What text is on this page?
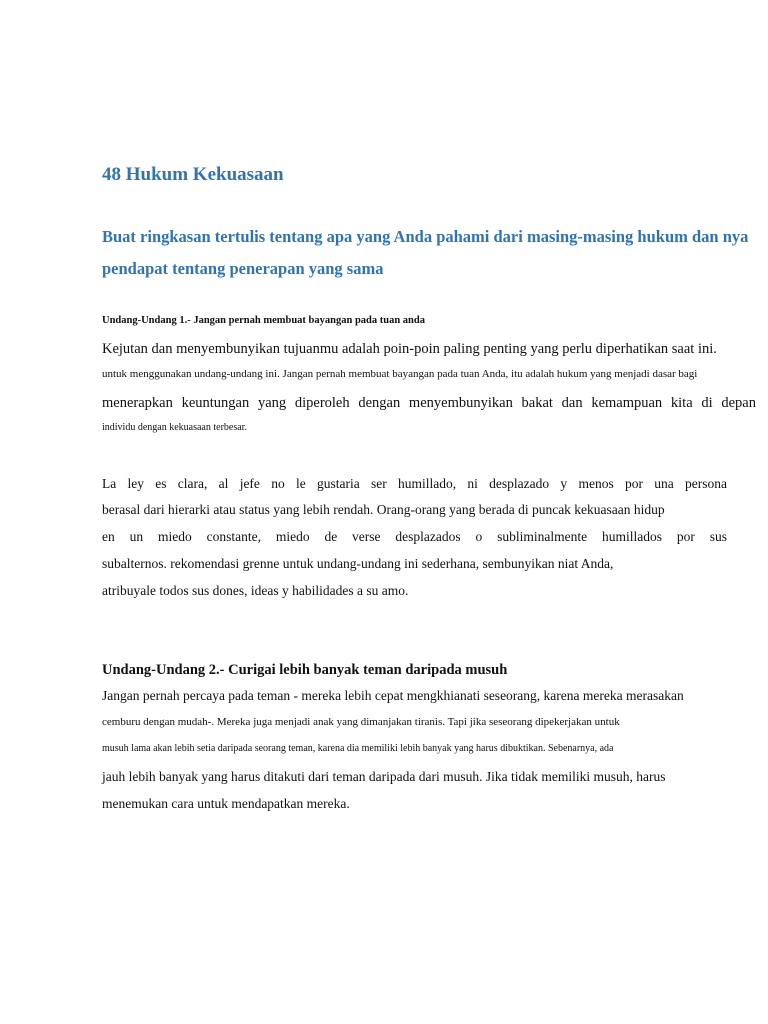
48 Hukum Kekuasaan
Buat ringkasan tertulis tentang apa yang Anda pahami dari masing-masing hukum dan nya
pendapat tentang penerapan yang sama
Undang-Undang 1.- Jangan pernah membuat bayangan pada tuan anda
Kejutan dan menyembunyikan tujuanmu adalah poin-poin paling penting yang perlu diperhatikan saat ini.
untuk menggunakan undang-undang ini. Jangan pernah membuat bayangan pada tuan Anda, itu adalah hukum yang menjadi dasar bagi
menerapkan keuntungan yang diperoleh dengan menyembunyikan bakat dan kemampuan kita di depan
individu dengan kekuasaan terbesar.
La ley es clara, al jefe no le gustaria ser humillado, ni desplazado y menos por una persona
berasal dari hierarki atau status yang lebih rendah. Orang-orang yang berada di puncak kekuasaan hidup
en un miedo constante, miedo de verse desplazados o subliminalmente humillados por sus
subalternos. rekomendasi grenne untuk undang-undang ini sederhana, sembunyikan niat Anda,
atribuyale todos sus dones, ideas y habilidades a su amo.
Undang-Undang 2.- Curigai lebih banyak teman daripada musuh
Jangan pernah percaya pada teman - mereka lebih cepat mengkhianati seseorang, karena mereka merasakan
cemburu dengan mudah-. Mereka juga menjadi anak yang dimanjakan tiranis. Tapi jika seseorang dipekerjakan untuk
musuh lama akan lebih setia daripada seorang teman, karena dia memiliki lebih banyak yang harus dibuktikan. Sebenarnya, ada
jauh lebih banyak yang harus ditakuti dari teman daripada dari musuh. Jika tidak memiliki musuh, harus
menemukan cara untuk mendapatkan mereka.
